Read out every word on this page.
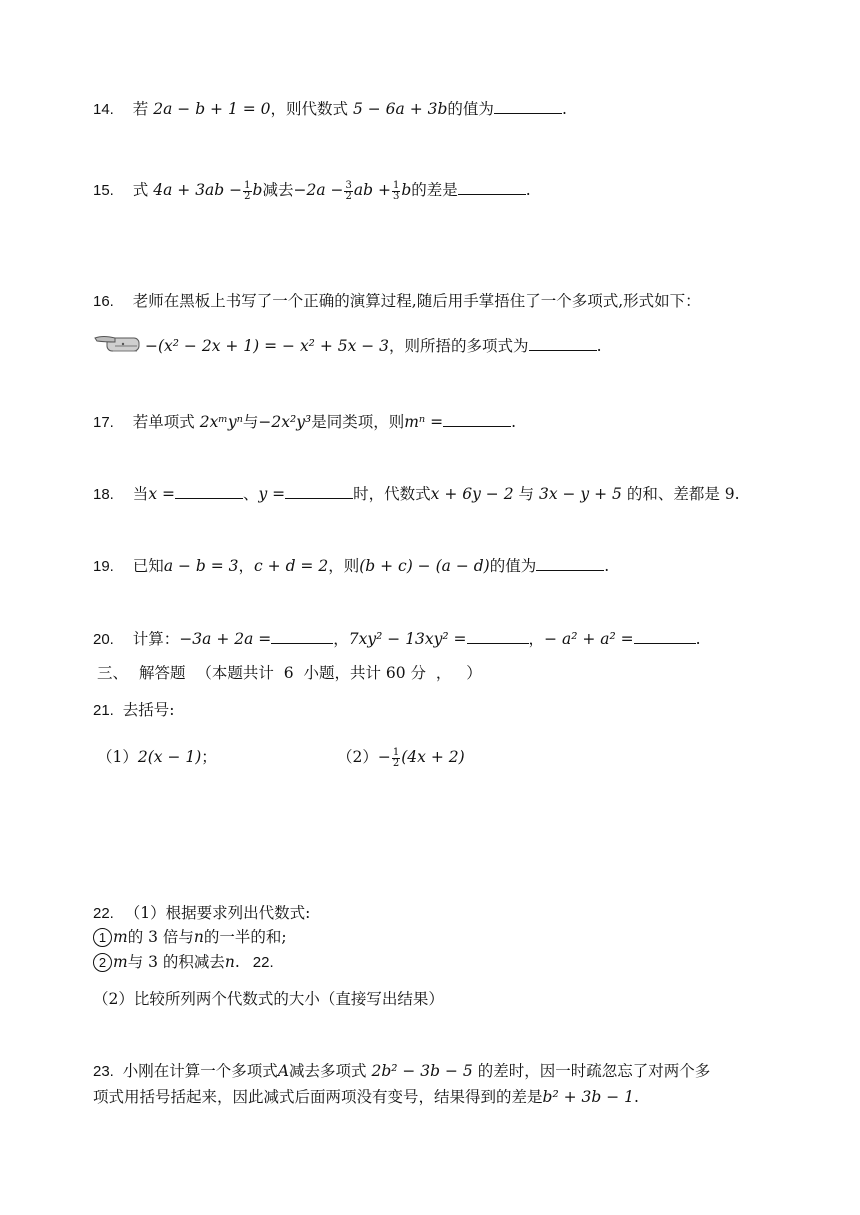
14. 若 2a − b + 1 = 0，则代数式 5 − 6a + 3b的值为	.
15. 式 $4a + 3ab - \frac{1}{2}$ b减去$-2a - \frac{3}{2}$ ab + $\frac{1}{3}$ b的差是	.
16. 老师在黑板上书写了一个正确的演算过程,随后用手掌捂住了一个多项式,形式如下：
−(x² − 2x + 1) = − x² + 5x − 3，则所捂的多项式为	.
17. 若单项式 2xᵐyⁿ与−2x²y³是同类项，则mⁿ =	.
18. 当x =	、y =	时，代数式x + 6y − 2 与 3x − y + 5 的和、差都是 9.
19. 已知a − b = 3，c + d = 2，则(b + c) − (a − d)的值为	.
20. 计算：−3a + 2a =	，7xy² − 13xy² =	，− a² + a² =	.
三、 解答题 （本题共计  6  小题，共计 60 分  ，   ）
21. 去括号:
（1）2(x − 1)；	$(2)- \frac{1}{2} (4x + 2)$
22. （1）根据要求列出代数式:
1 m的 3 倍与n的一半的和;
2 m与 3 的积减去n. 22.
（2）比较所列两个代数式的大小（直接写出结果）
23. 小刚在计算一个多项式A减去多项式 2b² − 3b − 5 的差时，因一时疏忽忘了对两个多
项式用括号括起来，因此减式后面两项没有变号，结果得到的差是b² + 3b − 1.
